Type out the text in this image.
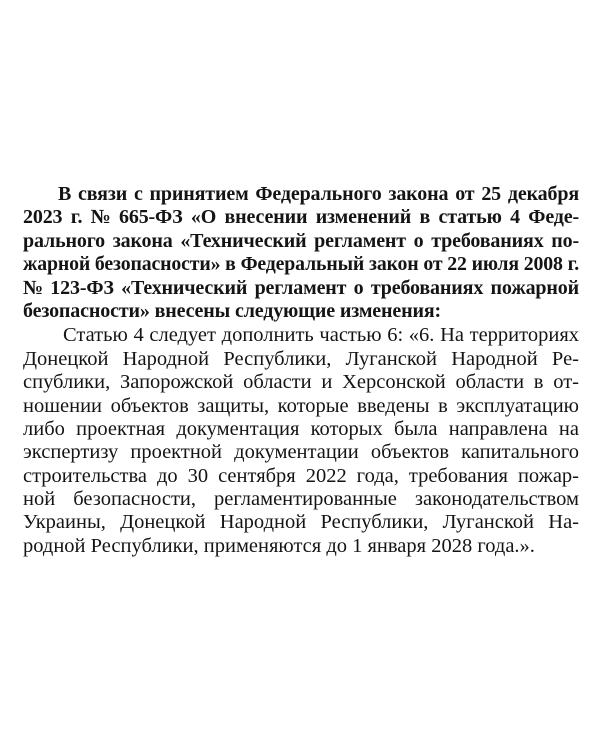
В связи с принятием Федерального закона от 25 декабря
2023 г. № 665-ФЗ «О внесении изменений в статью 4 Феде-
рального закона «Технический регламент о требованиях по-
жарной безопасности» в Федеральный закон от 22 июля 2008 г.
№ 123-ФЗ «Технический регламент о требованиях пожарной
безопасности» внесены следующие изменения:
Статью 4 следует дополнить частью 6: «6. На территориях
Донецкой Народной Республики, Луганской Народной Ре-
спублики, Запорожской области и Херсонской области в от-
ношении объектов защиты, которые введены в эксплуатацию
либо проектная документация которых была направлена на
экспертизу проектной документации объектов капитального
строительства до 30 сентября 2022 года, требования пожар-
ной безопасности, регламентированные законодательством
Украины, Донецкой Народной Республики, Луганской На-
родной Республики, применяются до 1 января 2028 года.».
